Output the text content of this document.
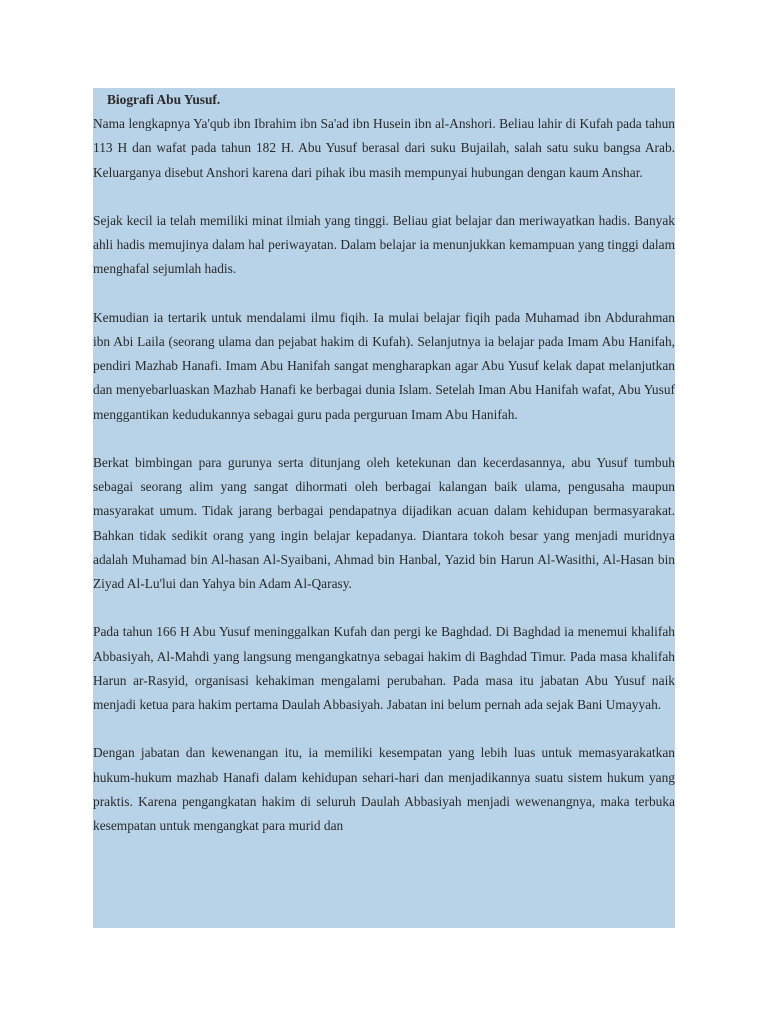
Biografi Abu Yusuf.

Nama lengkapnya Ya'qub ibn Ibrahim ibn Sa'ad ibn Husein ibn al-Anshori. Beliau lahir di Kufah pada tahun 113 H dan wafat pada tahun 182 H. Abu Yusuf berasal dari suku Bujailah, salah satu suku bangsa Arab. Keluarganya disebut Anshori karena dari pihak ibu masih mempunyai hubungan dengan kaum Anshar.

Sejak kecil ia telah memiliki minat ilmiah yang tinggi. Beliau giat belajar dan meriwayatkan hadis. Banyak ahli hadis memujinya dalam hal periwayatan. Dalam belajar ia menunjukkan kemampuan yang tinggi dalam menghafal sejumlah hadis.

Kemudian ia tertarik untuk mendalami ilmu fiqih. Ia mulai belajar fiqih pada Muhamad ibn Abdurahman ibn Abi Laila (seorang ulama dan pejabat hakim di Kufah). Selanjutnya ia belajar pada Imam Abu Hanifah, pendiri Mazhab Hanafi. Imam Abu Hanifah sangat mengharapkan agar Abu Yusuf kelak dapat melanjutkan dan menyebarluaskan Mazhab Hanafi ke berbagai dunia Islam. Setelah Iman Abu Hanifah wafat, Abu Yusuf menggantikan kedudukannya sebagai guru pada perguruan Imam Abu Hanifah.

Berkat bimbingan para gurunya serta ditunjang oleh ketekunan dan kecerdasannya, abu Yusuf tumbuh sebagai seorang alim yang sangat dihormati oleh berbagai kalangan baik ulama, pengusaha maupun masyarakat umum. Tidak jarang berbagai pendapatnya dijadikan acuan dalam kehidupan bermasyarakat. Bahkan tidak sedikit orang yang ingin belajar kepadanya. Diantara tokoh besar yang menjadi muridnya adalah Muhamad bin Al-hasan Al-Syaibani, Ahmad bin Hanbal, Yazid bin Harun Al-Wasithi, Al-Hasan bin Ziyad Al-Lu'lui dan Yahya bin Adam Al-Qarasy.

Pada tahun 166 H Abu Yusuf meninggalkan Kufah dan pergi ke Baghdad. Di Baghdad ia menemui khalifah Abbasiyah, Al-Mahdi yang langsung mengangkatnya sebagai hakim di Baghdad Timur. Pada masa khalifah Harun ar-Rasyid, organisasi kehakiman mengalami perubahan. Pada masa itu jabatan Abu Yusuf naik menjadi ketua para hakim pertama Daulah Abbasiyah. Jabatan ini belum pernah ada sejak Bani Umayyah.

Dengan jabatan dan kewenangan itu, ia memiliki kesempatan yang lebih luas untuk memasyarakatkan hukum-hukum mazhab Hanafi dalam kehidupan sehari-hari dan menjadikannya suatu sistem hukum yang praktis. Karena pengangkatan hakim di seluruh Daulah Abbasiyah menjadi wewenangnya, maka terbuka kesempatan untuk mengangkat para murid dan
